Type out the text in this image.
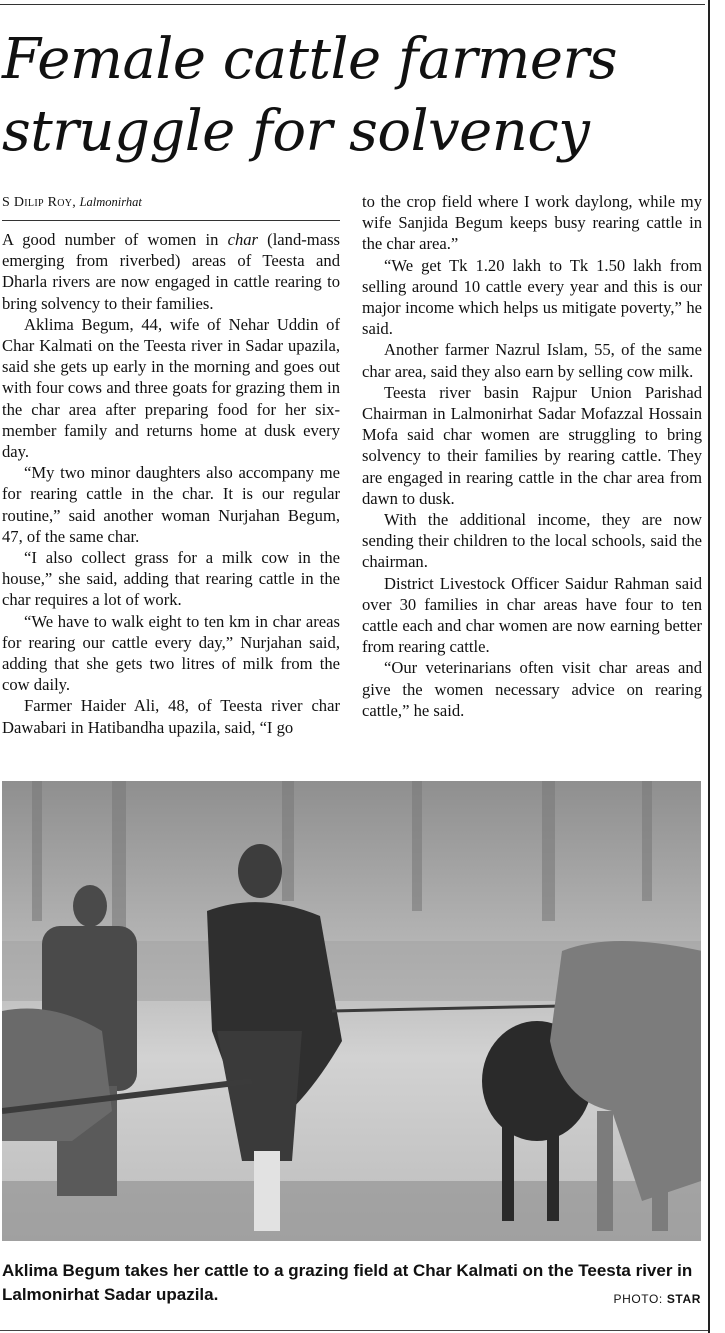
Female cattle farmers
struggle for solvency
S Dilip Roy, Lalmonirhat

A good number of women in char (land-mass emerging from riverbed) areas of Teesta and Dharla rivers are now engaged in cattle rearing to bring solvency to their families.

Aklima Begum, 44, wife of Nehar Uddin of Char Kalmati on the Teesta river in Sadar upazila, said she gets up early in the morning and goes out with four cows and three goats for grazing them in the char area after preparing food for her six-member family and returns home at dusk every day.

“My two minor daughters also accompany me for rearing cattle in the char. It is our regular routine,” said another woman Nurjahan Begum, 47, of the same char.

“I also collect grass for a milk cow in the house,” she said, adding that rearing cattle in the char requires a lot of work.

“We have to walk eight to ten km in char areas for rearing our cattle every day,” Nurjahan said, adding that she gets two litres of milk from the cow daily.

Farmer Haider Ali, 48, of Teesta river char Dawabari in Hatibandha upazila, said, “I go

to the crop field where I work daylong, while my wife Sanjida Begum keeps busy rearing cattle in the char area.”

“We get Tk 1.20 lakh to Tk 1.50 lakh from selling around 10 cattle every year and this is our major income which helps us mitigate poverty,” he said.

Another farmer Nazrul Islam, 55, of the same char area, said they also earn by selling cow milk.

Teesta river basin Rajpur Union Parishad Chairman in Lalmonirhat Sadar Mofazzal Hossain Mofa said char women are struggling to bring solvency to their families by rearing cattle. They are engaged in rearing cattle in the char area from dawn to dusk.

With the additional income, they are now sending their children to the local schools, said the chairman.

District Livestock Officer Saidur Rahman said over 30 families in char areas have four to ten cattle each and char women are now earning better from rearing cattle.

“Our veterinarians often visit char areas and give the women necessary advice on rearing cattle,” he said.

Aklima Begum takes her cattle to a grazing field at Char Kalmati on the Teesta river in Lalmonirhat Sadar upazila.	PHOTO: STAR
